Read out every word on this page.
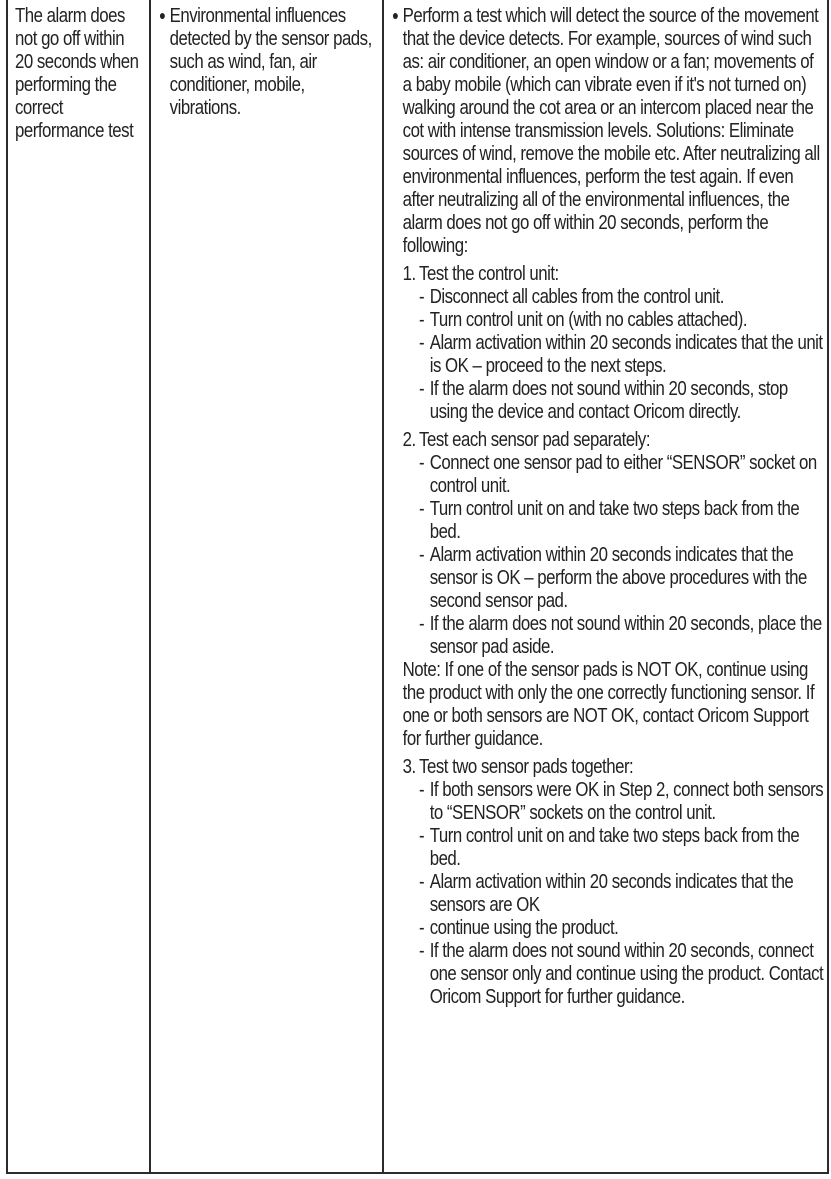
The alarm does not go off within 20 seconds when performing the correct performance test

● Environmental influences detected by the sensor pads, such as wind, fan, air conditioner, mobile, vibrations.

● Perform a test which will detect the source of the movement that the device detects. For example, sources of wind such as: air conditioner, an open window or a fan; movements of a baby mobile (which can vibrate even if it's not turned on) walking around the cot area or an intercom placed near the cot with intense transmission levels. Solutions: Eliminate sources of wind, remove the mobile etc. After neutralizing all environmental influences, perform the test again. If even after neutralizing all of the environmental influences, the alarm does not go off within 20 seconds, perform the following:

1. Test the control unit:
- Disconnect all cables from the control unit.
- Turn control unit on (with no cables attached).
- Alarm activation within 20 seconds indicates that the unit is OK – proceed to the next steps.
- If the alarm does not sound within 20 seconds, stop using the device and contact Oricom directly.
2. Test each sensor pad separately:
- Connect one sensor pad to either “SENSOR” socket on control unit.
- Turn control unit on and take two steps back from the bed.
- Alarm activation within 20 seconds indicates that the sensor is OK – perform the above procedures with the second sensor pad.
- If the alarm does not sound within 20 seconds, place the sensor pad aside.

Note: If one of the sensor pads is NOT OK, continue using the product with only the one correctly functioning sensor. If one or both sensors are NOT OK, contact Oricom Support for further guidance.

3. Test two sensor pads together:
- If both sensors were OK in Step 2, connect both sensors to “SENSOR” sockets on the control unit.
- Turn control unit on and take two steps back from the bed.
- Alarm activation within 20 seconds indicates that the sensors are OK
- continue using the product.
- If the alarm does not sound within 20 seconds, connect one sensor only and continue using the product. Contact Oricom Support for further guidance.
